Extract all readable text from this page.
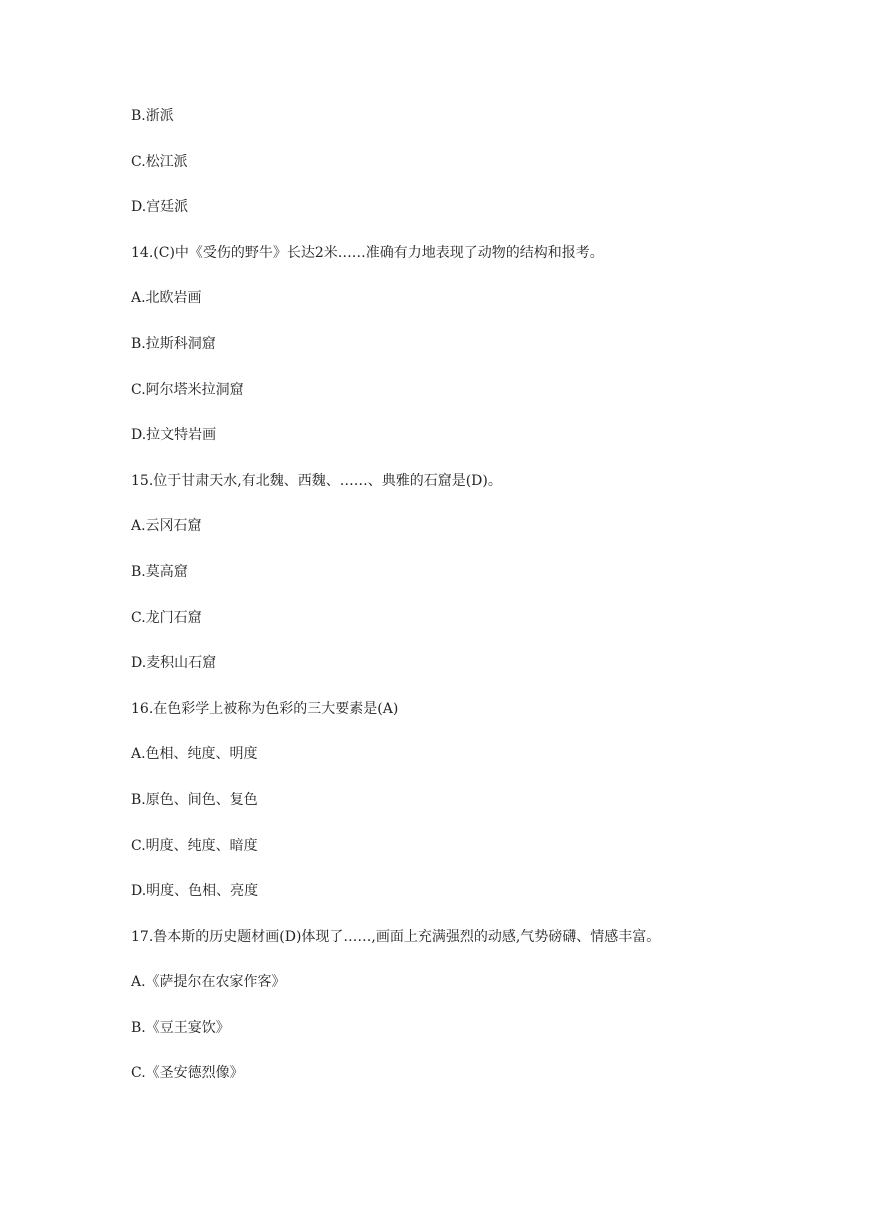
B.浙派
C.松江派
D.宫廷派
14.(C)中《受伤的野牛》长达2米……准确有力地表现了动物的结构和报考。
A.北欧岩画
B.拉斯科洞窟
C.阿尔塔米拉洞窟
D.拉文特岩画
15.位于甘肃天水,有北魏、西魏、……、典雅的石窟是(D)。
A.云冈石窟
B.莫高窟
C.龙门石窟
D.麦积山石窟
16.在色彩学上被称为色彩的三大要素是(A)
A.色相、纯度、明度
B.原色、间色、复色
C.明度、纯度、暗度
D.明度、色相、亮度
17.鲁本斯的历史题材画(D)体现了……,画面上充满强烈的动感,气势磅礴、情感丰富。
A.《萨提尔在农家作客》
B.《豆王宴饮》
C.《圣安德烈像》
